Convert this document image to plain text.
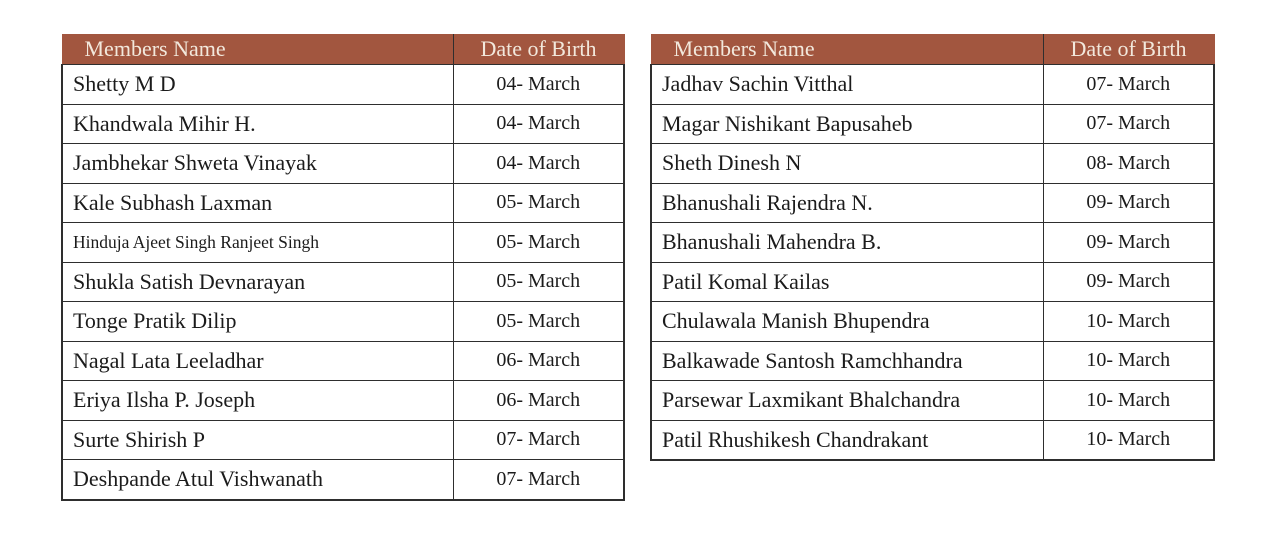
Members Name	Date of Birth
Shetty M D	04- March
Khandwala Mihir H.	04- March
Jambhekar Shweta Vinayak	04- March
Kale Subhash Laxman	05- March
Hinduja Ajeet Singh Ranjeet Singh	05- March
Shukla Satish Devnarayan	05- March
Tonge Pratik Dilip	05- March
Nagal Lata Leeladhar	06- March
Eriya Ilsha P. Joseph	06- March
Surte Shirish P	07- March
Deshpande Atul Vishwanath	07- March
Members Name	Date of Birth
Jadhav Sachin Vitthal	07- March
Magar Nishikant Bapusaheb	07- March
Sheth Dinesh N	08- March
Bhanushali Rajendra N.	09- March
Bhanushali Mahendra B.	09- March
Patil Komal Kailas	09- March
Chulawala Manish Bhupendra	10- March
Balkawade Santosh Ramchhandra	10- March
Parsewar Laxmikant Bhalchandra	10- March
Patil Rhushikesh Chandrakant	10- March
